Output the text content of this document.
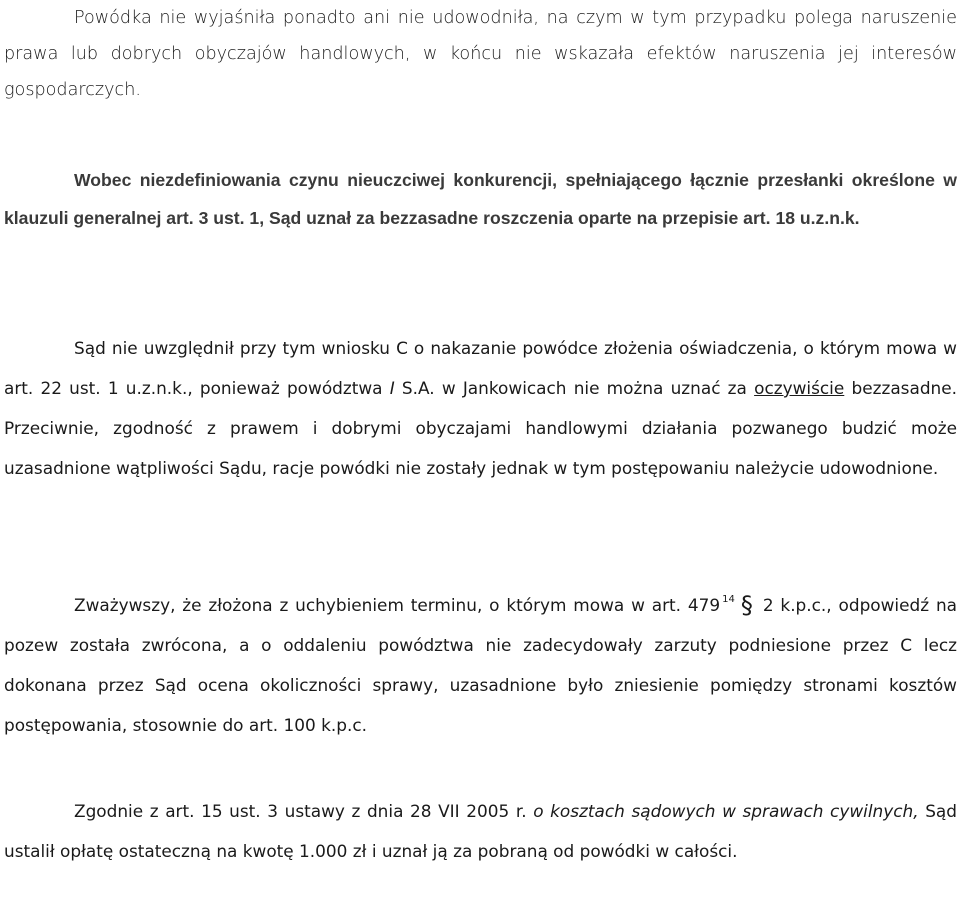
Powódka nie wyjaśniła ponadto ani nie udowodniła, na czym w tym przypadku polega naruszenie prawa lub dobrych obyczajów handlowych, w końcu nie wskazała efektów naruszenia jej interesów gospodarczych.

Wobec niezdefiniowania czynu nieuczciwej konkurencji, spełniającego łącznie przesłanki określone w klauzuli generalnej art. 3 ust. 1, Sąd uznał za bezzasadne roszczenia oparte na przepisie art. 18 u.z.n.k.

Sąd nie uwzględnił przy tym wniosku C o nakazanie powódce złożenia oświadczenia, o którym mowa w art. 22 ust. 1 u.z.n.k., ponieważ powództwa I S.A. w Jankowicach nie można uznać za oczywiście bezzasadne. Przeciwnie, zgodność z prawem i dobrymi obyczajami handlowymi działania pozwanego budzić może uzasadnione wątpliwości Sądu, racje powódki nie zostały jednak w tym postępowaniu należycie udowodnione.

Zważywszy, że złożona z uchybieniem terminu, o którym mowa w art. 479 $^{14}$ § 2 k.p.c., odpowiedź na pozew została zwrócona, a o oddaleniu powództwa nie zadecydowały zarzuty podniesione przez C lecz dokonana przez Sąd ocena okoliczności sprawy, uzasadnione było zniesienie pomiędzy stronami kosztów postępowania, stosownie do art. 100 k.p.c.

Zgodnie z art. 15 ust. 3 ustawy z dnia 28 VII 2005 r. o kosztach sądowych w sprawach cywilnych, Sąd ustalił opłatę ostateczną na kwotę 1.000 zł i uznał ją za pobraną od powódki w całości.
